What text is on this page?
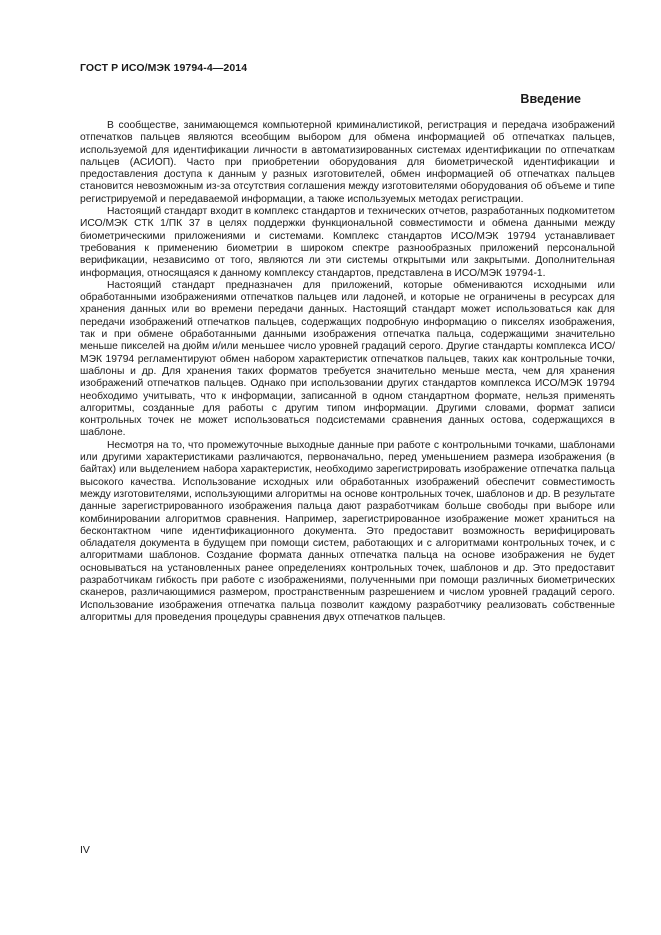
ГОСТ Р ИСО/МЭК 19794-4—2014
Введение

В сообществе, занимающемся компьютерной криминалистикой, регистрация и передача изображений отпечатков пальцев являются всеобщим выбором для обмена информацией об отпечатках пальцев, используемой для идентификации личности в автоматизированных системах идентификации по отпечаткам пальцев (АСИОП). Часто при приобретении оборудования для биометрической идентификации и предоставления доступа к данным у разных изготовителей, обмен информацией об отпечатках пальцев становится невозможным из-за отсутствия соглашения между изготовителями оборудования об объеме и типе регистрируемой и передаваемой информации, а также используемых методах регистрации.

Настоящий стандарт входит в комплекс стандартов и технических отчетов, разработанных подкомитетом ИСО/МЭК СТК 1/ПК 37 в целях поддержки функциональной совместимости и обмена данными между биометрическими приложениями и системами. Комплекс стандартов ИСО/МЭК 19794 устанавливает требования к применению биометрии в широком спектре разнообразных приложений персональной верификации, независимо от того, являются ли эти системы открытыми или закрытыми. Дополнительная информация, относящаяся к данному комплексу стандартов, представлена в ИСО/МЭК 19794-1.

Настоящий стандарт предназначен для приложений, которые обмениваются исходными или обработанными изображениями отпечатков пальцев или ладоней, и которые не ограничены в ресурсах для хранения данных или во времени передачи данных. Настоящий стандарт может использоваться как для передачи изображений отпечатков пальцев, содержащих подробную информацию о пикселях изображения, так и при обмене обработанными данными изображения отпечатка пальца, содержащими значительно меньше пикселей на дюйм и/или меньшее число уровней градаций серого. Другие стандарты комплекса ИСО/МЭК 19794 регламентируют обмен набором характеристик отпечатков пальцев, таких как контрольные точки, шаблоны и др. Для хранения таких форматов требуется значительно меньше места, чем для хранения изображений отпечатков пальцев. Однако при использовании других стандартов комплекса ИСО/МЭК 19794 необходимо учитывать, что к информации, записанной в одном стандартном формате, нельзя применять алгоритмы, созданные для работы с другим типом информации. Другими словами, формат записи контрольных точек не может использоваться подсистемами сравнения данных остова, содержащихся в шаблоне.

Несмотря на то, что промежуточные выходные данные при работе с контрольными точками, шаблонами или другими характеристиками различаются, первоначально, перед уменьшением размера изображения (в байтах) или выделением набора характеристик, необходимо зарегистрировать изображение отпечатка пальца высокого качества. Использование исходных или обработанных изображений обеспечит совместимость между изготовителями, использующими алгоритмы на основе контрольных точек, шаблонов и др. В результате данные зарегистрированного изображения пальца дают разработчикам больше свободы при выборе или комбинировании алгоритмов сравнения. Например, зарегистрированное изображение может храниться на бесконтактном чипе идентификационного документа. Это предоставит возможность верифицировать обладателя документа в будущем при помощи систем, работающих и с алгоритмами контрольных точек, и с алгоритмами шаблонов. Создание формата данных отпечатка пальца на основе изображения не будет основываться на установленных ранее определениях контрольных точек, шаблонов и др. Это предоставит разработчикам гибкость при работе с изображениями, полученными при помощи различных биометрических сканеров, различающимися размером, пространственным разрешением и числом уровней градаций серого. Использование изображения отпечатка пальца позволит каждому разработчику реализовать собственные алгоритмы для проведения процедуры сравнения двух отпечатков пальцев.

IV
